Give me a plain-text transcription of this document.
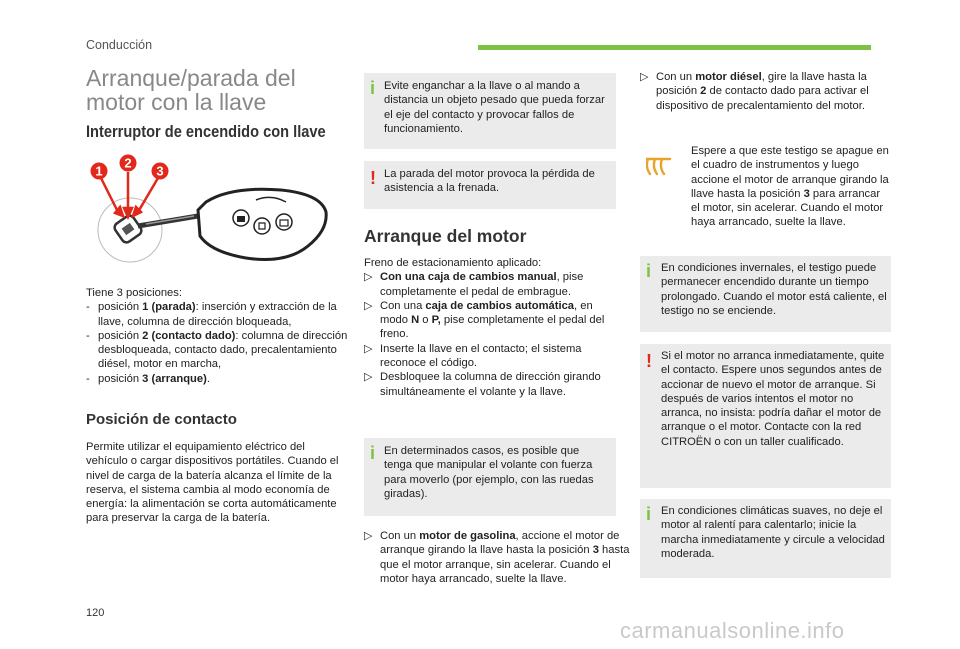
Conducción
Arranque/parada del
motor con la llave
Interruptor de encendido con llave
1
2
3
Tiene 3 posiciones:
- posición 1 (parada): inserción y extracción de la llave, columna de dirección bloqueada,
- posición 2 (contacto dado): columna de dirección desbloqueada, contacto dado, precalentamiento diésel, motor en marcha,
- posición 3 (arranque).
Posición de contacto
Permite utilizar el equipamiento eléctrico del vehículo o cargar dispositivos portátiles. Cuando el nivel de carga de la batería alcanza el límite de la reserva, el sistema cambia al modo economía de energía: la alimentación se corta automáticamente para preservar la carga de la batería.
i Evite enganchar a la llave o al mando a distancia un objeto pesado que pueda forzar el eje del contacto y provocar fallos de funcionamiento.
! La parada del motor provoca la pérdida de asistencia a la frenada.
Arranque del motor
Freno de estacionamiento aplicado:
▷ Con una caja de cambios manual, pise completamente el pedal de embrague.
▷ Con una caja de cambios automática, en modo N o P, pise completamente el pedal del freno.
▷ Inserte la llave en el contacto; el sistema reconoce el código.
▷ Desbloquee la columna de dirección girando simultáneamente el volante y la llave.
i En determinados casos, es posible que tenga que manipular el volante con fuerza para moverlo (por ejemplo, con las ruedas giradas).
▷ Con un motor de gasolina, accione el motor de arranque girando la llave hasta la posición 3 hasta que el motor arranque, sin acelerar. Cuando el motor haya arrancado, suelte la llave.
▷ Con un motor diésel, gire la llave hasta la posición 2 de contacto dado para activar el dispositivo de precalentamiento del motor.
Espere a que este testigo se apague en el cuadro de instrumentos y luego accione el motor de arranque girando la llave hasta la posición 3 para arrancar el motor, sin acelerar. Cuando el motor haya arrancado, suelte la llave.
i En condiciones invernales, el testigo puede permanecer encendido durante un tiempo prolongado. Cuando el motor está caliente, el testigo no se enciende.
! Si el motor no arranca inmediatamente, quite el contacto. Espere unos segundos antes de accionar de nuevo el motor de arranque. Si después de varios intentos el motor no arranca, no insista: podría dañar el motor de arranque o el motor. Contacte con la red CITROËN o con un taller cualificado.
i En condiciones climáticas suaves, no deje el motor al ralentí para calentarlo; inicie la marcha inmediatamente y circule a velocidad moderada.
120
carmanualsonline.info
